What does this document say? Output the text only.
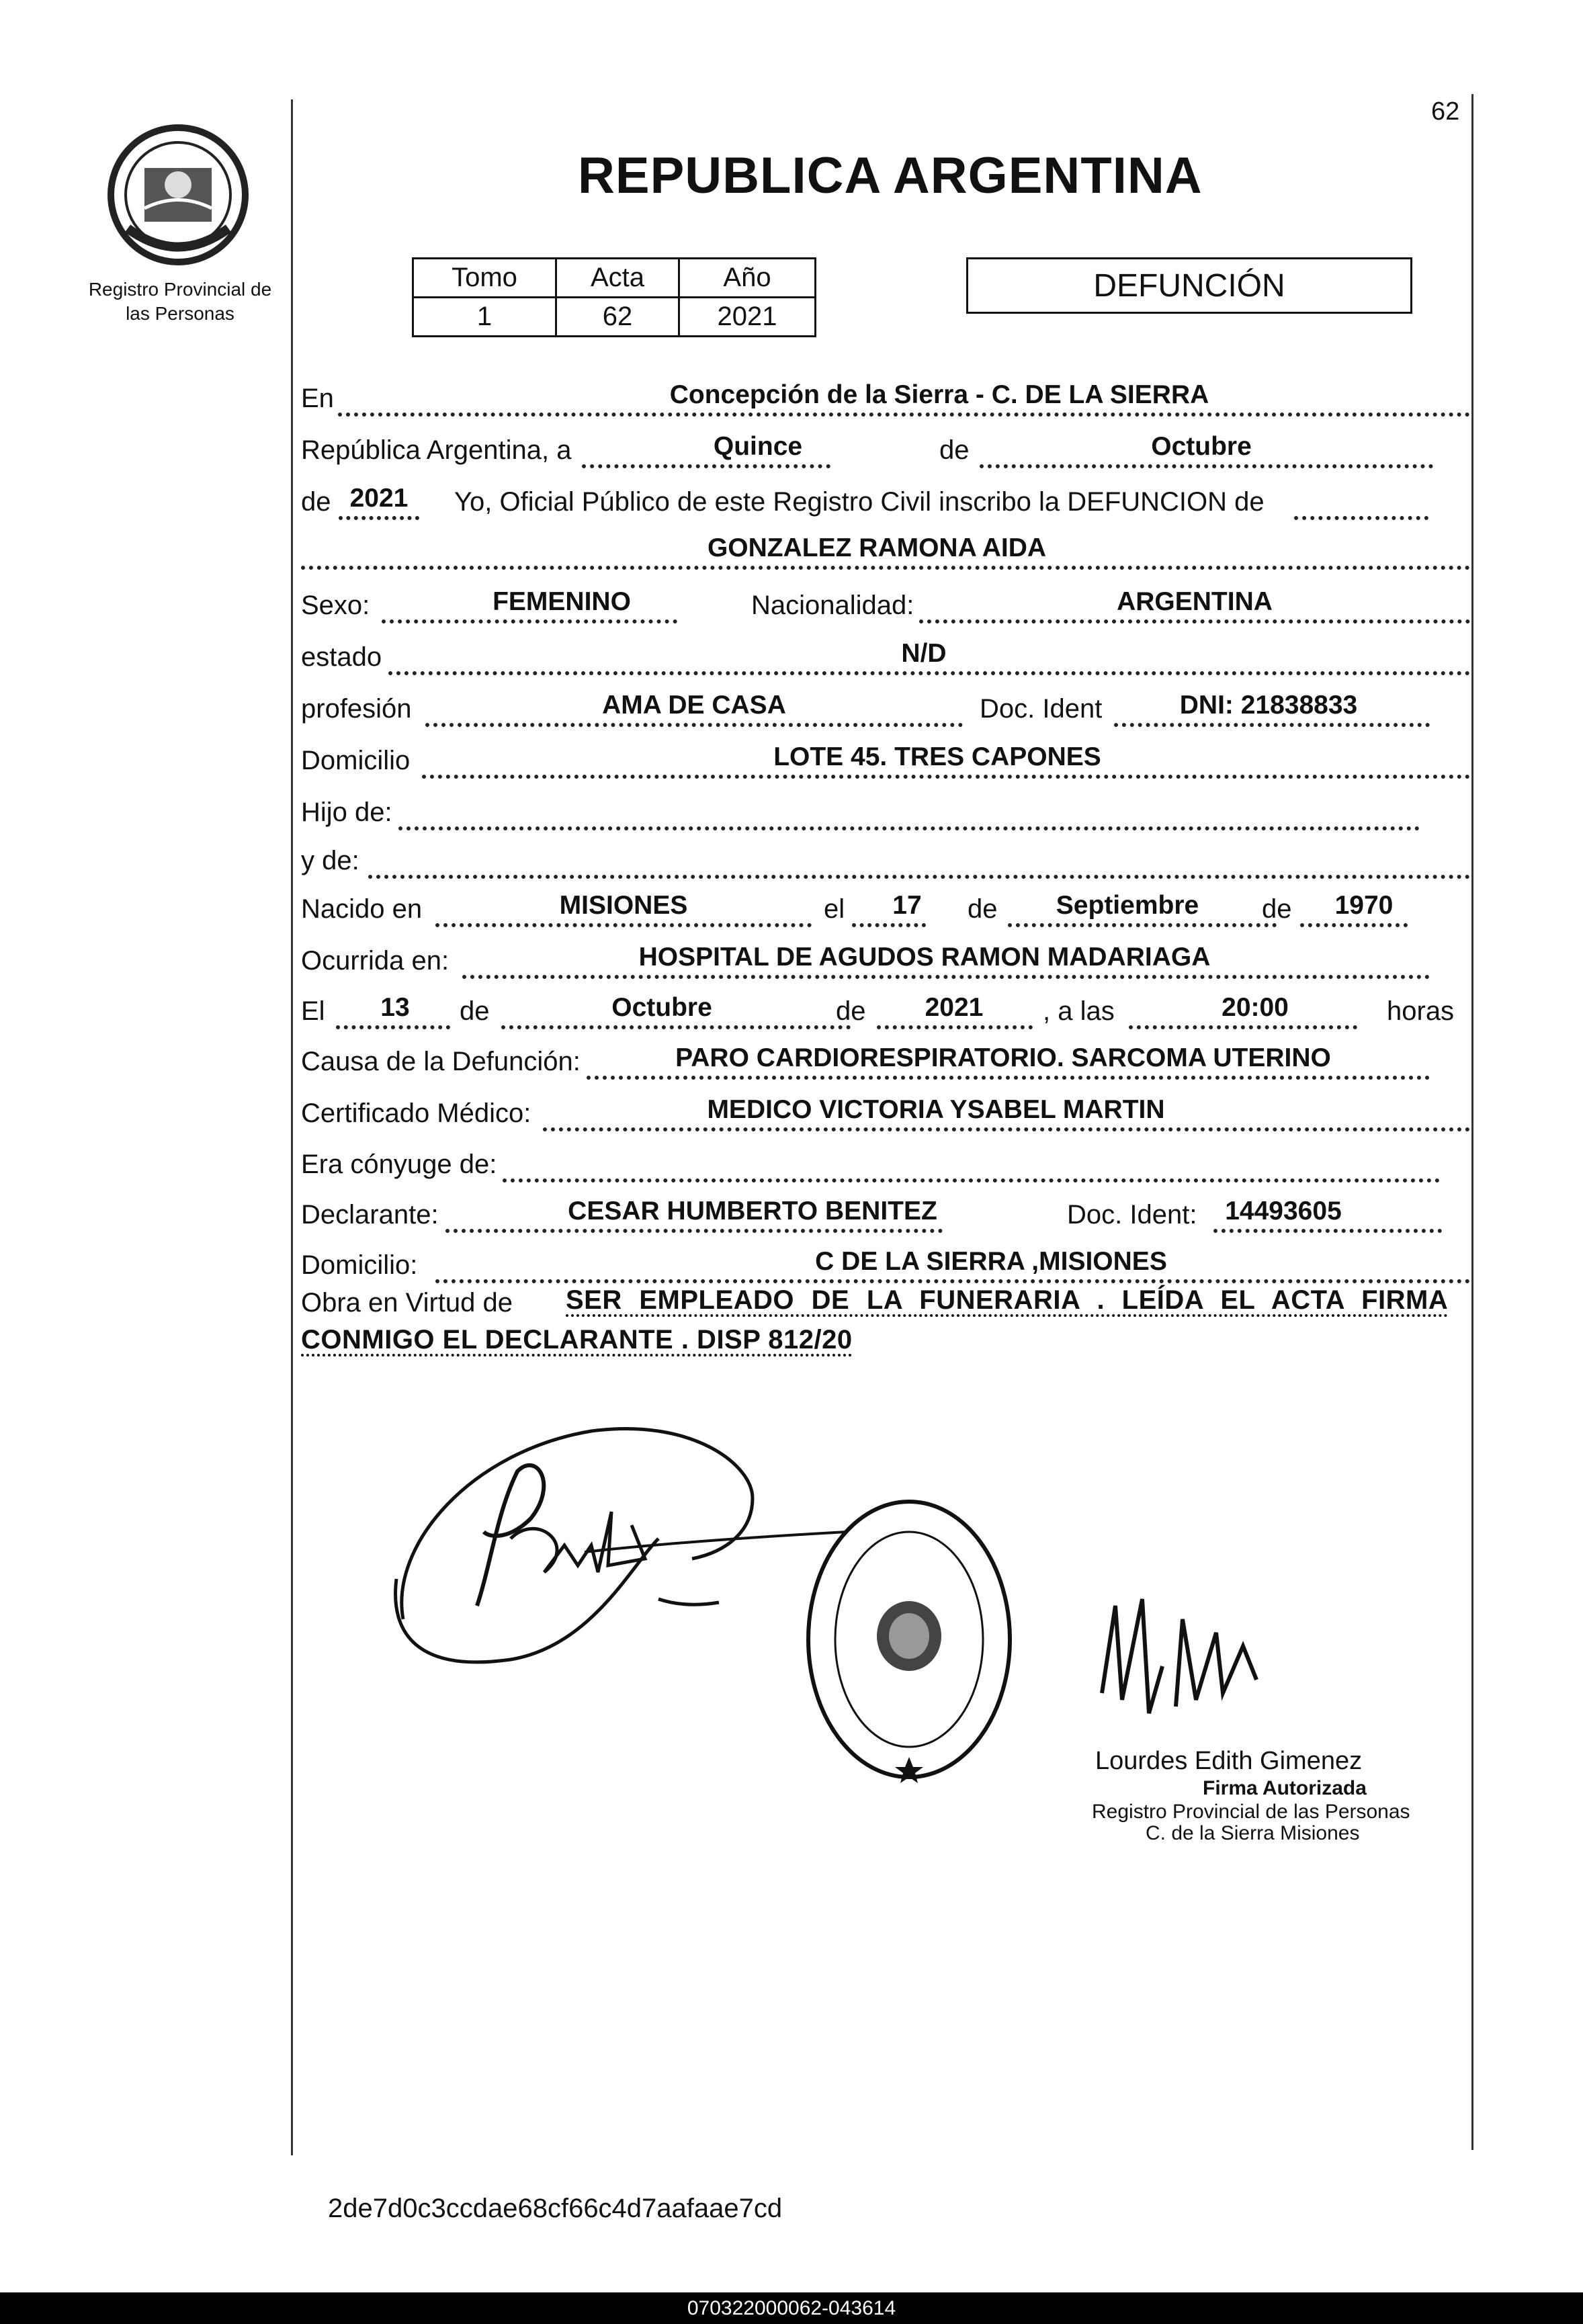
62
Registro Provincial de
las Personas
REPUBLICA ARGENTINA
Tomo	Acta	Año
1	62	2021
DEFUNCIÓN
En	Concepción de la Sierra - C. DE LA SIERRA
República Argentina, a	Quince	de	Octubre
de 2021 Yo, Oficial Público de este Registro Civil inscribo la DEFUNCION de
GONZALEZ RAMONA AIDA
Sexo:	FEMENINO	Nacionalidad:	ARGENTINA
estado	N/D
profesión	AMA DE CASA	Doc. Ident	DNI: 21838833
Domicilio	LOTE 45. TRES CAPONES
Hijo de:
y de:
Nacido en	MISIONES	el 17 de Septiembre de 1970
Ocurrida en:	HOSPITAL DE AGUDOS RAMON MADARIAGA
El 13 de	Octubre	de 2021 , a las	20:00	horas
Causa de la Defunción:	PARO CARDIORESPIRATORIO. SARCOMA UTERINO
Certificado Médico:	MEDICO VICTORIA YSABEL MARTIN
Era cónyuge de:
Declarante:	CESAR HUMBERTO BENITEZ	Doc. Ident: 14493605
Domicilio:	C DE LA SIERRA ,MISIONES
Obra en Virtud de SER EMPLEADO DE LA FUNERARIA . LEÍDA EL ACTA FIRMA
CONMIGO EL DECLARANTE . DISP 812/20
Lourdes Edith Gimenez
Firma Autorizada
Registro Provincial de las Personas
C. de la Sierra Misiones
2de7d0c3ccdae68cf66c4d7aafaae7cd
070322000062-043614
